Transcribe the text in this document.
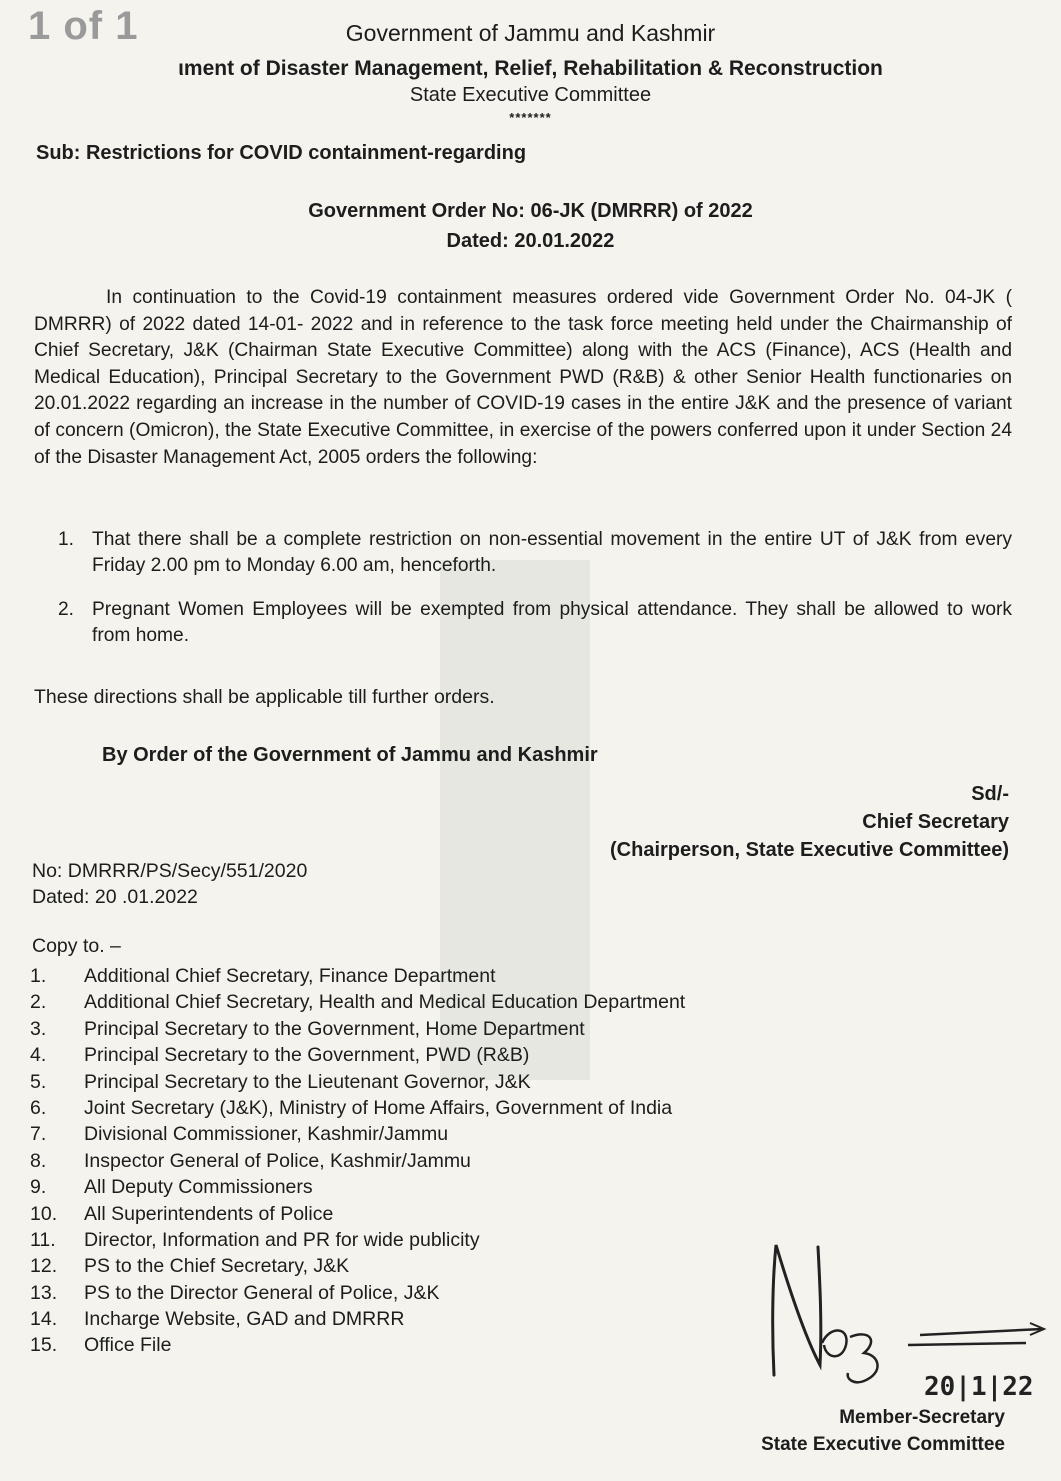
1 of 1	Government of Jammu and Kashmir
ιment of Disaster Management, Relief, Rehabilitation & Reconstruction
State Executive Committee
*******
Sub: Restrictions for COVID containment-regarding
Government Order No: 06-JK (DMRRR) of 2022
Dated: 20.01.2022

In continuation to the Covid-19 containment measures ordered vide Government Order No. 04-JK ( DMRRR) of 2022 dated 14-01- 2022 and in reference to the task force meeting held under the Chairmanship of Chief Secretary, J&K (Chairman State Executive Committee) along with the ACS (Finance), ACS (Health and Medical Education), Principal Secretary to the Government PWD (R&B) & other Senior Health functionaries on 20.01.2022 regarding an increase in the number of COVID-19 cases in the entire J&K and the presence of variant of concern (Omicron), the State Executive Committee, in exercise of the powers conferred upon it under Section 24 of the Disaster Management Act, 2005 orders the following:

1. That there shall be a complete restriction on non-essential movement in the entire UT of J&K from every Friday 2.00 pm to Monday 6.00 am, henceforth.
2. Pregnant Women Employees will be exempted from physical attendance. They shall be allowed to work from home.
These directions shall be applicable till further orders.
By Order of the Government of Jammu and Kashmir
Sd/-
Chief Secretary
(Chairperson, State Executive Committee)
No: DMRRR/PS/Secy/551/2020
Dated: 20 .01.2022
Copy to. –
1. Additional Chief Secretary, Finance Department
2. Additional Chief Secretary, Health and Medical Education Department
3. Principal Secretary to the Government, Home Department
4. Principal Secretary to the Government, PWD (R&B)
5. Principal Secretary to the Lieutenant Governor, J&K
6. Joint Secretary (J&K), Ministry of Home Affairs, Government of India
7. Divisional Commissioner, Kashmir/Jammu
8. Inspector General of Police, Kashmir/Jammu
9. All Deputy Commissioners
10. All Superintendents of Police
11. Director, Information and PR for wide publicity
12. PS to the Chief Secretary, J&K
13. PS to the Director General of Police, J&K
14. Incharge Website, GAD and DMRRR
15. Office File
20|1|22
Member-Secretary
State Executive Committee
